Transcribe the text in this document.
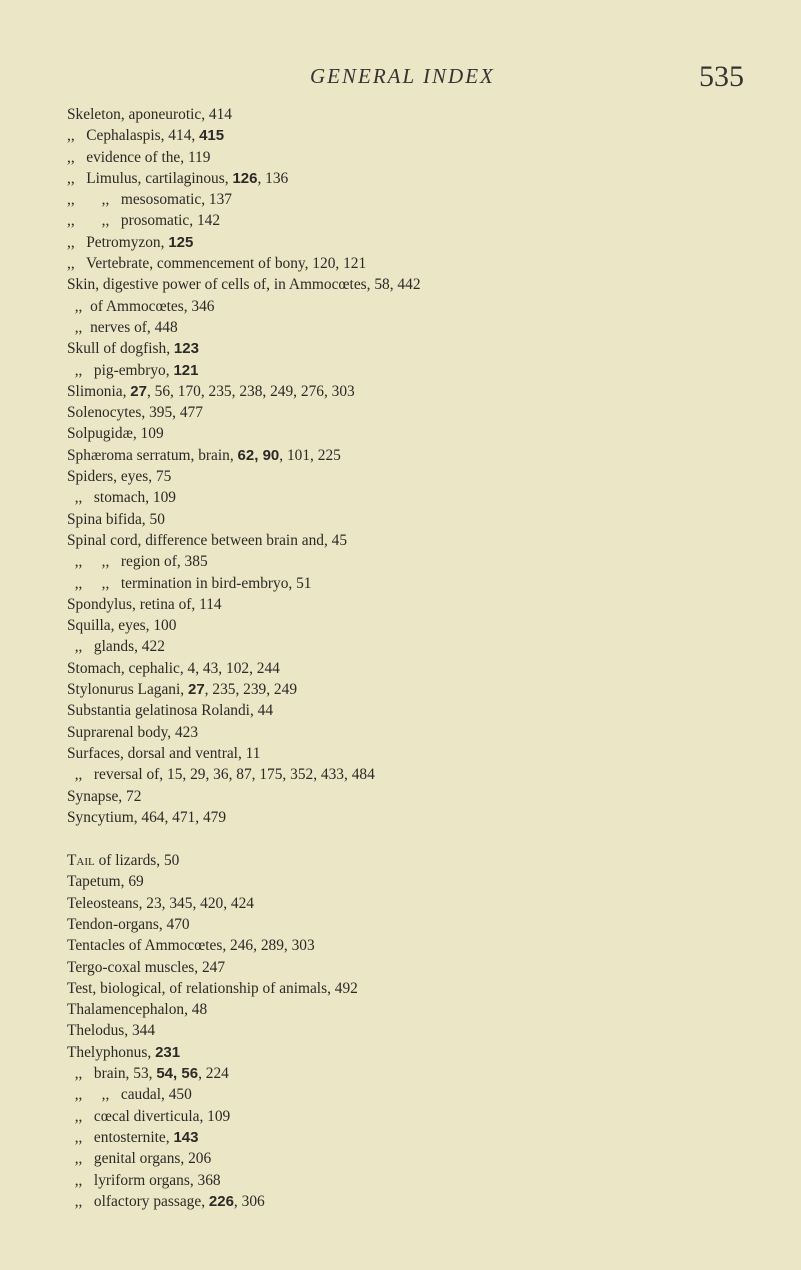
GENERAL INDEX	535
Skeleton, aponeurotic, 414
,,   Cephalaspis, 414, 415
,,   evidence of the, 119
,,   Limulus, cartilaginous, 126, 136
,,       ,,   mesosomatic, 137
,,       ,,   prosomatic, 142
,,   Petromyzon, 125
,,   Vertebrate, commencement of bony, 120, 121
Skin, digestive power of cells of, in Ammocœtes, 58, 442
,,  of Ammocœtes, 346
,,  nerves of, 448
Skull of dogfish, 123
,,   pig-embryo, 121
Slimonia, 27, 56, 170, 235, 238, 249, 276, 303
Solenocytes, 395, 477
Solpugidæ, 109
Sphæroma serratum, brain, 62, 90, 101, 225
Spiders, eyes, 75
,,   stomach, 109
Spina bifida, 50
Spinal cord, difference between brain and, 45
,,     ,,   region of, 385
,,     ,,   termination in bird-embryo, 51
Spondylus, retina of, 114
Squilla, eyes, 100
,,   glands, 422
Stomach, cephalic, 4, 43, 102, 244
Stylonurus Lagani, 27, 235, 239, 249
Substantia gelatinosa Rolandi, 44
Suprarenal body, 423
Surfaces, dorsal and ventral, 11
,,   reversal of, 15, 29, 36, 87, 175, 352, 433, 484
Synapse, 72
Syncytium, 464, 471, 479
Tail of lizards, 50
Tapetum, 69
Teleosteans, 23, 345, 420, 424
Tendon-organs, 470
Tentacles of Ammocœtes, 246, 289, 303
Tergo-coxal muscles, 247
Test, biological, of relationship of animals, 492
Thalamencephalon, 48
Thelodus, 344
Thelyphonus, 231
,,   brain, 53, 54, 56, 224
,,     ,,   caudal, 450
,,   cœcal diverticula, 109
,,   entosternite, 143
,,   genital organs, 206
,,   lyriform organs, 368
,,   olfactory passage, 226, 306
